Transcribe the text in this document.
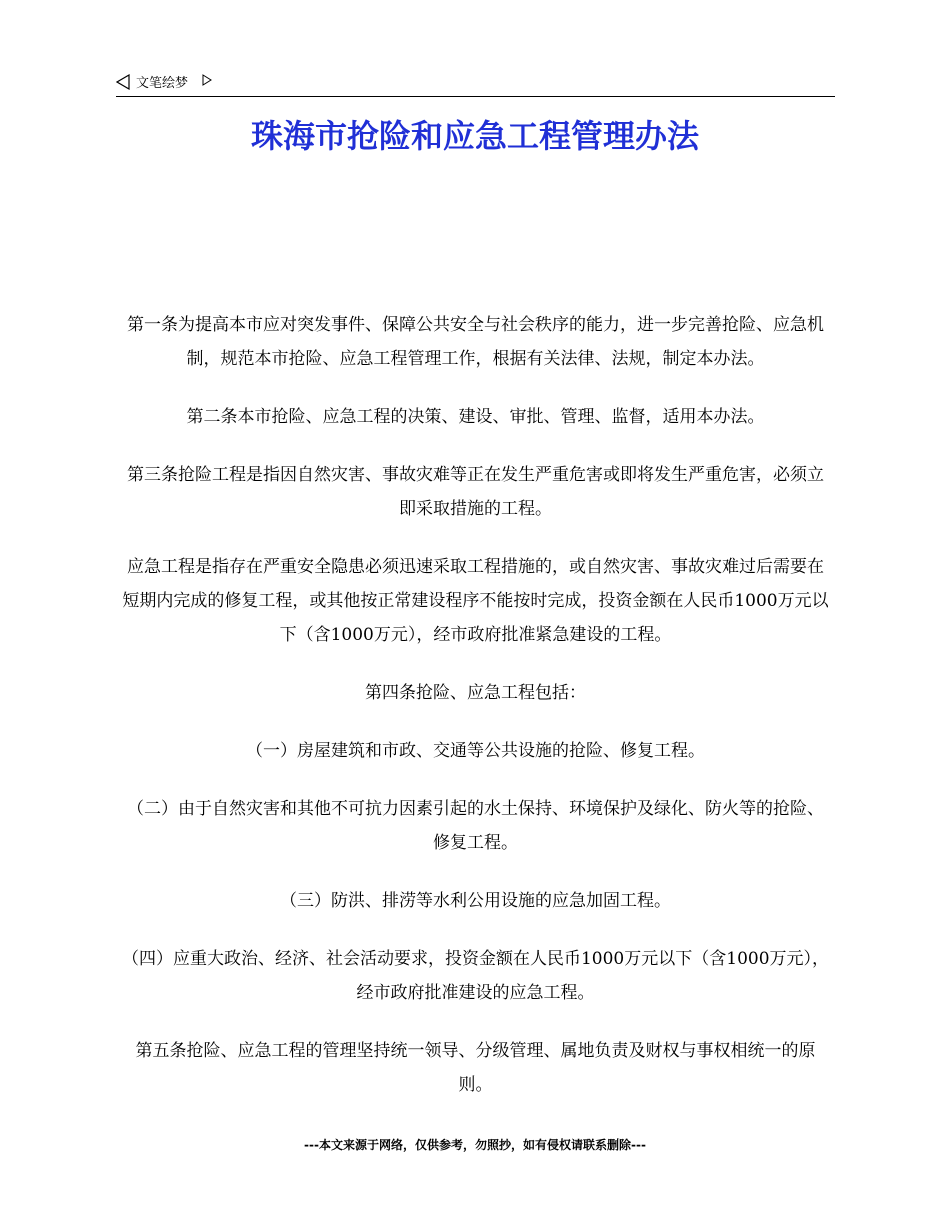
文笔绘梦
珠海市抢险和应急工程管理办法

第一条为提高本市应对突发事件、保障公共安全与社会秩序的能力，进一步完善抢险、应急机制，规范本市抢险、应急工程管理工作，根据有关法律、法规，制定本办法。

第二条本市抢险、应急工程的决策、建设、审批、管理、监督，适用本办法。

第三条抢险工程是指因自然灾害、事故灾难等正在发生严重危害或即将发生严重危害，必须立即采取措施的工程。

应急工程是指存在严重安全隐患必须迅速采取工程措施的，或自然灾害、事故灾难过后需要在短期内完成的修复工程，或其他按正常建设程序不能按时完成，投资金额在人民币1000万元以下（含1000万元），经市政府批准紧急建设的工程。

第四条抢险、应急工程包括：

（一）房屋建筑和市政、交通等公共设施的抢险、修复工程。

（二）由于自然灾害和其他不可抗力因素引起的水土保持、环境保护及绿化、防火等的抢险、修复工程。

（三）防洪、排涝等水利公用设施的应急加固工程。

（四）应重大政治、经济、社会活动要求，投资金额在人民币1000万元以下（含1000万元），经市政府批准建设的应急工程。

第五条抢险、应急工程的管理坚持统一领导、分级管理、属地负责及财权与事权相统一的原则。

---本文来源于网络，仅供参考，勿照抄，如有侵权请联系删除---
